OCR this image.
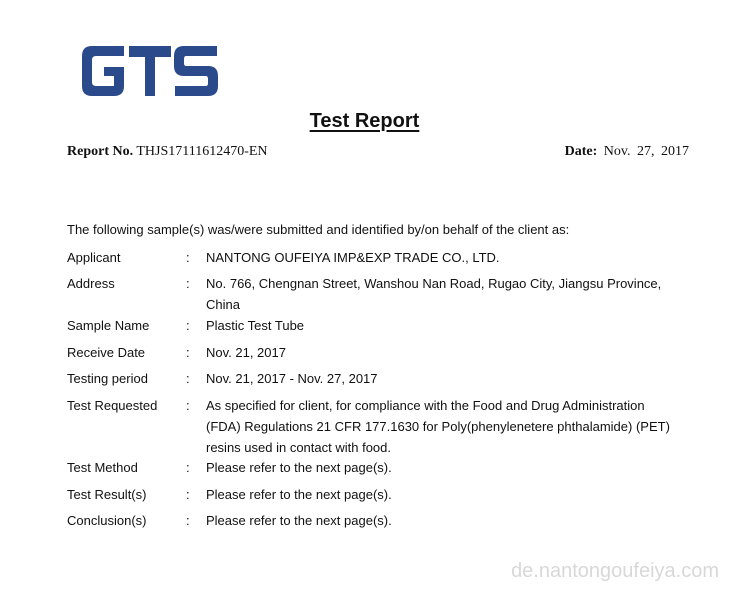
Test Report
Report No. THJS17111612470-EN	Date: Nov. 27, 2017
The following sample(s) was/were submitted and identified by/on behalf of the client as:
Applicant	: NANTONG OUFEIYA IMP&EXP TRADE CO., LTD.
Address	: No. 766, Chengnan Street, Wanshou Nan Road, Rugao City, Jiangsu Province,
China
Sample Name	: Plastic Test Tube
Receive Date	: Nov. 21, 2017
Testing period	: Nov. 21, 2017 - Nov. 27, 2017
Test Requested : As specified for client, for compliance with the Food and Drug Administration
(FDA) Regulations 21 CFR 177.1630 for Poly(phenylenetere phthalamide) (PET)
resins used in contact with food.
Test Method	: Please refer to the next page(s).
Test Result(s)	: Please refer to the next page(s).
Conclusion(s)	: Please refer to the next page(s).
de.nantongoufeiya.com
